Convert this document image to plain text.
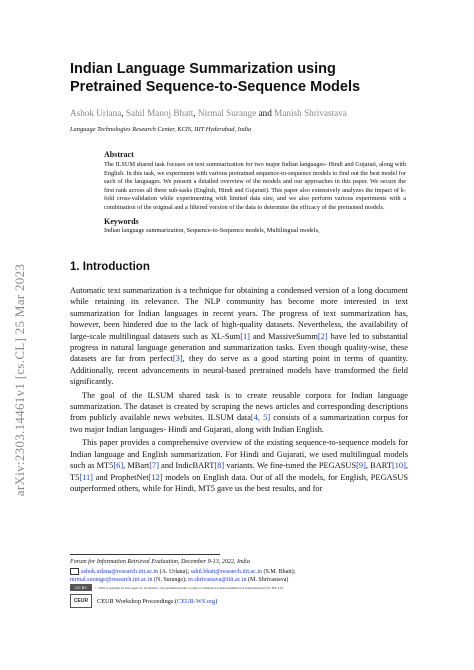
arXiv:2303.14461v1 [cs.CL] 25 Mar 2023
Indian Language Summarization using Pretrained Sequence-to-Sequence Models
Ashok Urlana, Sahil Manoj Bhatt, Nirmal Surange and Manish Shrivastava
Language Technologies Research Center, KCIS, IIIT Hyderabad, India
Abstract
The ILSUM shared task focuses on text summarization for two major Indian languages- Hindi and Gujarati, along with English. In this task, we experiment with various pretrained sequence-to-sequence models to find out the best model for each of the languages. We present a detailed overview of the models and our approaches in this paper. We secure the first rank across all three sub-tasks (English, Hindi and Gujarati). This paper also extensively analyzes the impact of k-fold cross-validation while experimenting with limited data size, and we also perform various experiments with a combination of the original and a filtered version of the data to determine the efficacy of the pretrained models.
Keywords
Indian language summarization, Sequence-to-Sequence models, Multilingual models,
1. Introduction

Automatic text summarization is a technique for obtaining a condensed version of a long document while retaining its relevance. The NLP community has become more interested in text summarization for Indian languages in recent years. The progress of text summarization has, however, been hindered due to the lack of high-quality datasets. Nevertheless, the availability of large-scale multilingual datasets such as XL-Sum[1] and MassiveSumm[2] have led to substantial progress in natural language generation and summarization tasks. Even though quality-wise, these datasets are far from perfect[3], they do serve as a good starting point in terms of quantity. Additionally, recent advancements in neural-based pretrained models have transformed the field significantly.

The goal of the ILSUM shared task is to create reusable corpora for Indian language summarization. The dataset is created by scraping the news articles and corresponding descriptions from publicly available news websites. ILSUM data[4, 5] consists of a summarization corpus for two major Indian languages- Hindi and Gujarati, along with Indian English.

This paper provides a comprehensive overview of the existing sequence-to-sequence models for Indian language and English summarization. For Hindi and Gujarati, we used multilingual models such as MT5[6], MBart[7] and IndicBART[8] variants. We fine-tuned the PEGASUS[9], BART[10], T5[11] and ProphetNet[12] models on English data. Out of all the models, for English, PEGASUS outperformed others, while for Hindi, MT5 gave us the best results, and for

Forum for Information Retrieval Evaluation, December 9-13, 2022, India
ashok.urlana@research.iiit.ac.in (A. Urlana); sahil.bhatt@research.iiit.ac.in (S.M. Bhatt);
nirmal.surange@research.iiit.ac.in (N. Surange); m.shrivastava@iiit.ac.in (M. Shrivastava)
CC BY © 2022 Copyright for this paper by its authors. Use permitted under Creative Commons License Attribution 4.0 International (CC BY 4.0).
CEUR	CEUR Workshop Proceedings ( CEUR-WS.org )
